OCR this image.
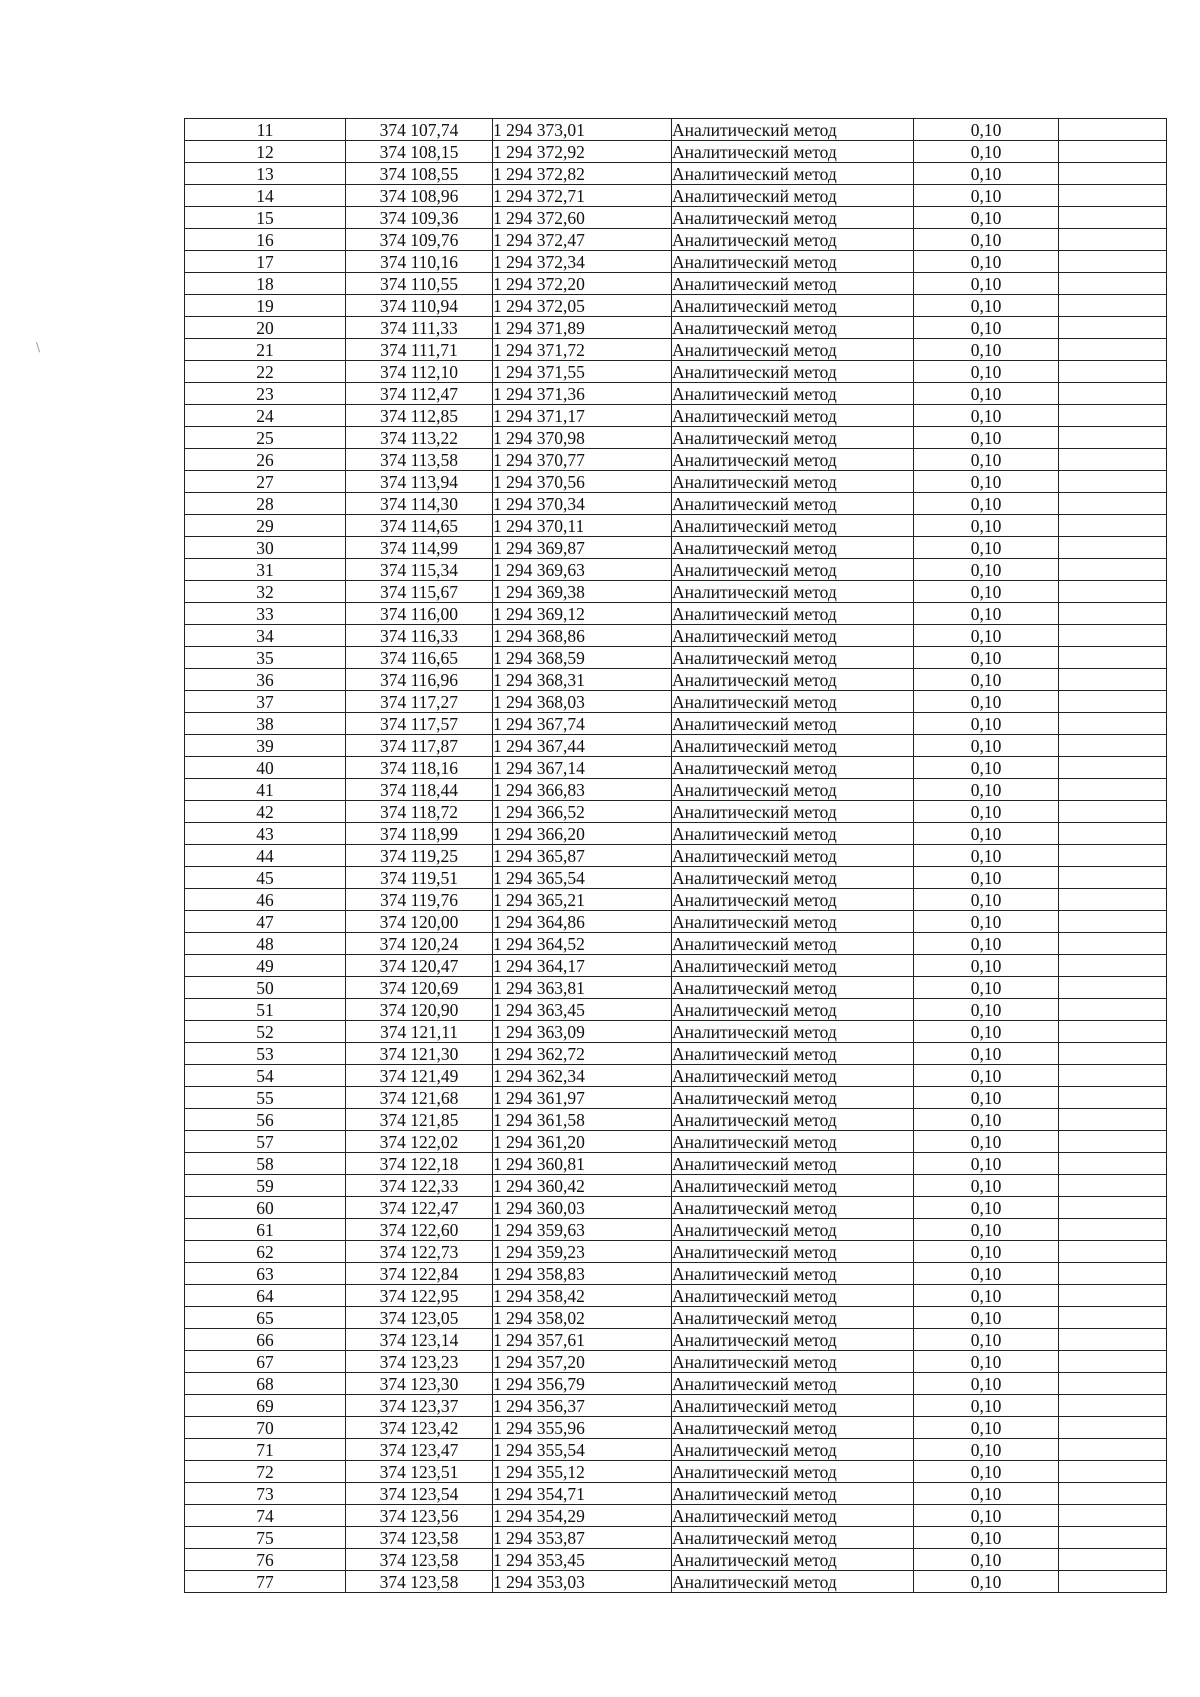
\
11	374 107,74	1 294 373,01	Аналитический метод	0,10	
12	374 108,15	1 294 372,92	Аналитический метод	0,10	
13	374 108,55	1 294 372,82	Аналитический метод	0,10	
14	374 108,96	1 294 372,71	Аналитический метод	0,10	
15	374 109,36	1 294 372,60	Аналитический метод	0,10	
16	374 109,76	1 294 372,47	Аналитический метод	0,10	
17	374 110,16	1 294 372,34	Аналитический метод	0,10	
18	374 110,55	1 294 372,20	Аналитический метод	0,10	
19	374 110,94	1 294 372,05	Аналитический метод	0,10	
20	374 111,33	1 294 371,89	Аналитический метод	0,10	
21	374 111,71	1 294 371,72	Аналитический метод	0,10	
22	374 112,10	1 294 371,55	Аналитический метод	0,10	
23	374 112,47	1 294 371,36	Аналитический метод	0,10	
24	374 112,85	1 294 371,17	Аналитический метод	0,10	
25	374 113,22	1 294 370,98	Аналитический метод	0,10	
26	374 113,58	1 294 370,77	Аналитический метод	0,10	
27	374 113,94	1 294 370,56	Аналитический метод	0,10	
28	374 114,30	1 294 370,34	Аналитический метод	0,10	
29	374 114,65	1 294 370,11	Аналитический метод	0,10	
30	374 114,99	1 294 369,87	Аналитический метод	0,10	
31	374 115,34	1 294 369,63	Аналитический метод	0,10	
32	374 115,67	1 294 369,38	Аналитический метод	0,10	
33	374 116,00	1 294 369,12	Аналитический метод	0,10	
34	374 116,33	1 294 368,86	Аналитический метод	0,10	
35	374 116,65	1 294 368,59	Аналитический метод	0,10	
36	374 116,96	1 294 368,31	Аналитический метод	0,10	
37	374 117,27	1 294 368,03	Аналитический метод	0,10	
38	374 117,57	1 294 367,74	Аналитический метод	0,10	
39	374 117,87	1 294 367,44	Аналитический метод	0,10	
40	374 118,16	1 294 367,14	Аналитический метод	0,10	
41	374 118,44	1 294 366,83	Аналитический метод	0,10	
42	374 118,72	1 294 366,52	Аналитический метод	0,10	
43	374 118,99	1 294 366,20	Аналитический метод	0,10	
44	374 119,25	1 294 365,87	Аналитический метод	0,10	
45	374 119,51	1 294 365,54	Аналитический метод	0,10	
46	374 119,76	1 294 365,21	Аналитический метод	0,10	
47	374 120,00	1 294 364,86	Аналитический метод	0,10	
48	374 120,24	1 294 364,52	Аналитический метод	0,10	
49	374 120,47	1 294 364,17	Аналитический метод	0,10	
50	374 120,69	1 294 363,81	Аналитический метод	0,10	
51	374 120,90	1 294 363,45	Аналитический метод	0,10	
52	374 121,11	1 294 363,09	Аналитический метод	0,10	
53	374 121,30	1 294 362,72	Аналитический метод	0,10	
54	374 121,49	1 294 362,34	Аналитический метод	0,10	
55	374 121,68	1 294 361,97	Аналитический метод	0,10	
56	374 121,85	1 294 361,58	Аналитический метод	0,10	
57	374 122,02	1 294 361,20	Аналитический метод	0,10	
58	374 122,18	1 294 360,81	Аналитический метод	0,10	
59	374 122,33	1 294 360,42	Аналитический метод	0,10	
60	374 122,47	1 294 360,03	Аналитический метод	0,10	
61	374 122,60	1 294 359,63	Аналитический метод	0,10	
62	374 122,73	1 294 359,23	Аналитический метод	0,10	
63	374 122,84	1 294 358,83	Аналитический метод	0,10	
64	374 122,95	1 294 358,42	Аналитический метод	0,10	
65	374 123,05	1 294 358,02	Аналитический метод	0,10	
66	374 123,14	1 294 357,61	Аналитический метод	0,10	
67	374 123,23	1 294 357,20	Аналитический метод	0,10	
68	374 123,30	1 294 356,79	Аналитический метод	0,10	
69	374 123,37	1 294 356,37	Аналитический метод	0,10	
70	374 123,42	1 294 355,96	Аналитический метод	0,10	
71	374 123,47	1 294 355,54	Аналитический метод	0,10	
72	374 123,51	1 294 355,12	Аналитический метод	0,10	
73	374 123,54	1 294 354,71	Аналитический метод	0,10	
74	374 123,56	1 294 354,29	Аналитический метод	0,10	
75	374 123,58	1 294 353,87	Аналитический метод	0,10	
76	374 123,58	1 294 353,45	Аналитический метод	0,10	
77	374 123,58	1 294 353,03	Аналитический метод	0,10	
